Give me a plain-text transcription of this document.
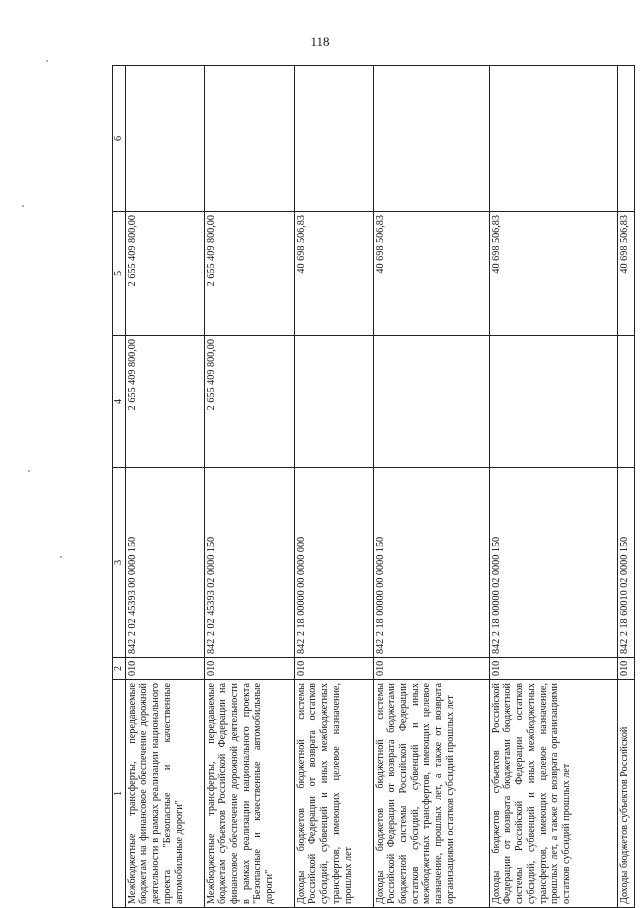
118
1	2	3	4	5	6
Межбюджетные трансферты, передаваемые бюджетам на финансовое обеспечение дорожной деятельности в рамках реализации национального проекта "Безопасные и качественные автомобильные дороги"	010	842 2 02 45393 00 0000 150	2 655 409 800,00	2 655 409 800,00	
Межбюджетные трансферты, передаваемые бюджетам субъектов Российской Федерации на финансовое обеспечение дорожной деятельности в рамках реализации национального проекта "Безопасные и качественные автомобильные дороги"	010	842 2 02 45393 02 0000 150	2 655 409 800,00	2 655 409 800,00	
Доходы бюджетов бюджетной системы Российской Федерации от возврата остатков субсидий, субвенций и иных межбюджетных трансфертов, имеющих целевое назначение, прошлых лет	010	842 2 18 00000 00 0000 000		40 698 506,83	
Доходы бюджетов бюджетной системы Российской Федерации от возврата бюджетами бюджетной системы Российской Федерации остатков субсидий, субвенций и иных межбюджетных трансфертов, имеющих целевое назначение, прошлых лет, а также от возврата организациями остатков субсидий прошлых лет	010	842 2 18 00000 00 0000 150		40 698 506,83	
Доходы бюджетов субъектов Российской Федерации от возврата бюджетами бюджетной системы Российской Федерации остатков субсидий, субвенций и иных межбюджетных трансфертов, имеющих целевое назначение, прошлых лет, а также от возврата организациями остатков субсидий прошлых лет	010	842 2 18 00000 02 0000 150		40 698 506,83	
Доходы бюджетов субъектов Российской	010	842 2 18 60010 02 0000 150		40 698 506,83	
